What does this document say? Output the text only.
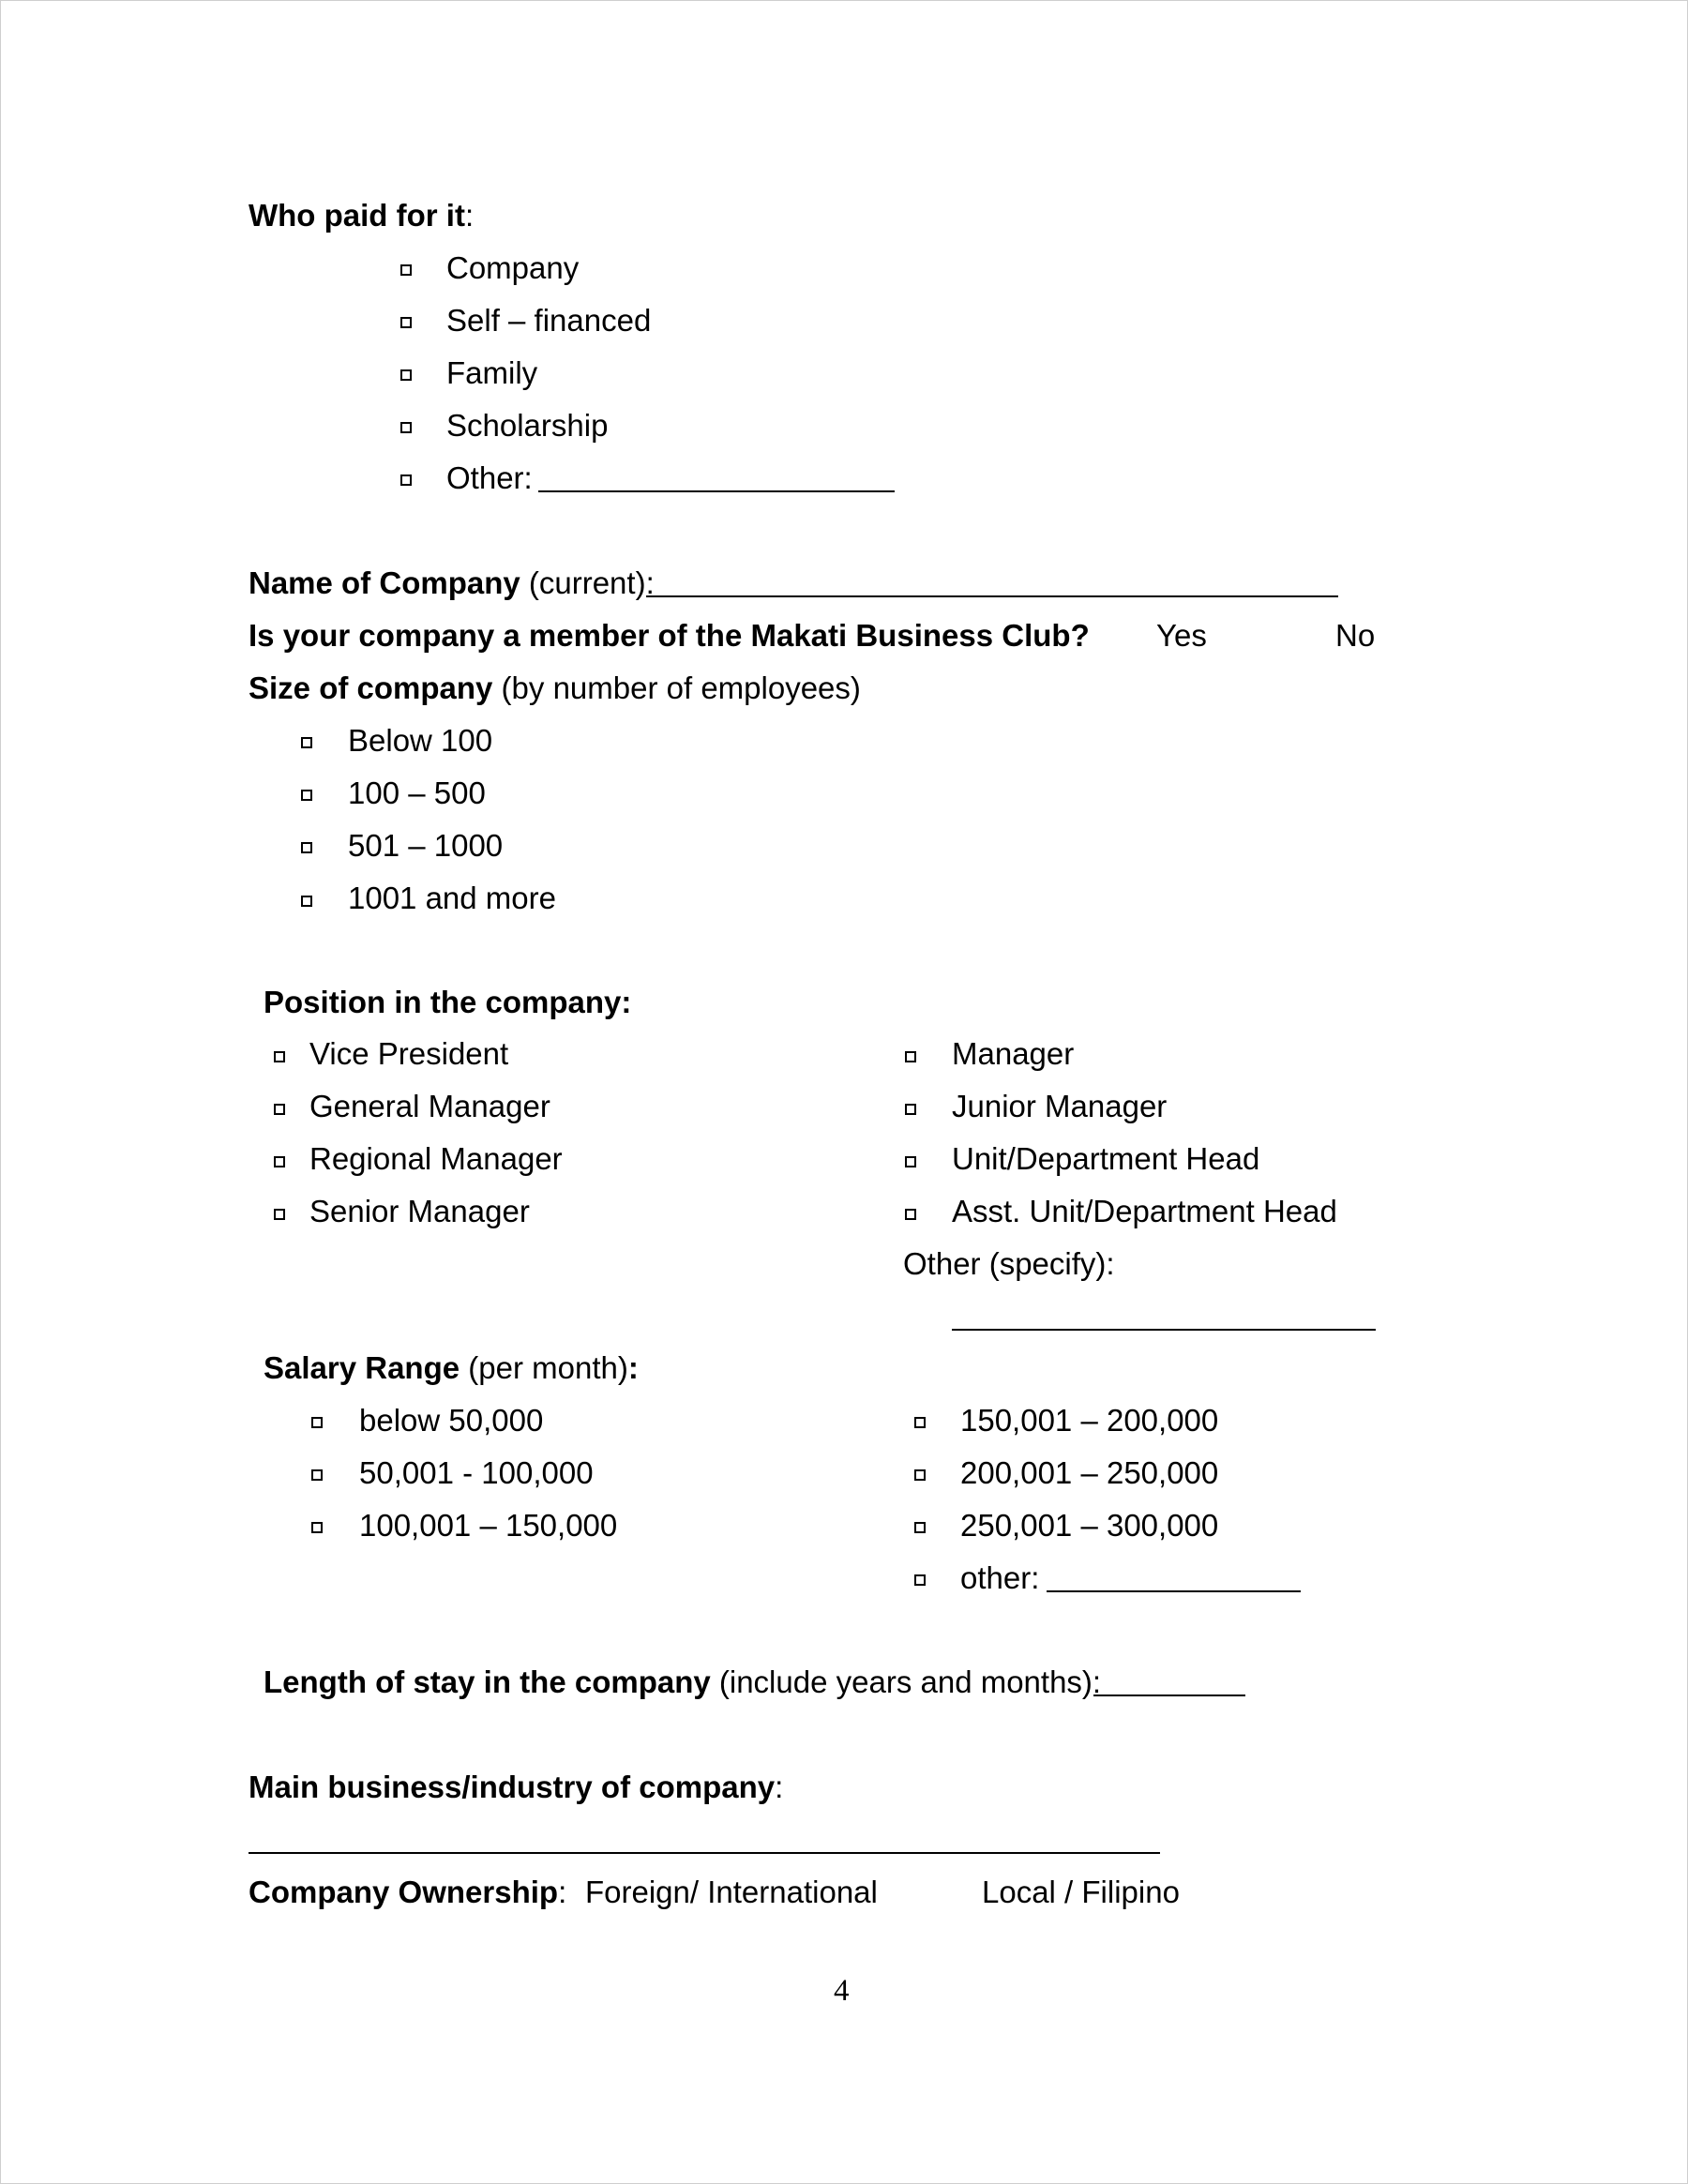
Who paid for it:
Company
Self – financed
Family
Scholarship
Other:
Name of Company (current):
Is your company a member of the Makati Business Club? Yes	No
Size of company (by number of employees)
Below 100
100 – 500
501 – 1000
1001 and more
Position in the company:
Vice President
General Manager
Regional Manager
Senior Manager
Manager
Junior Manager
Unit/Department Head
Asst. Unit/Department Head
Other (specify):
Salary Range (per month):
below 50,000
50,001 - 100,000
100,001 – 150,000
150,001 – 200,000
200,001 – 250,000
250,001 – 300,000
other:
Length of stay in the company (include years and months):
Main business/industry of company:
Company Ownership: Foreign/ International	Local / Filipino
4
